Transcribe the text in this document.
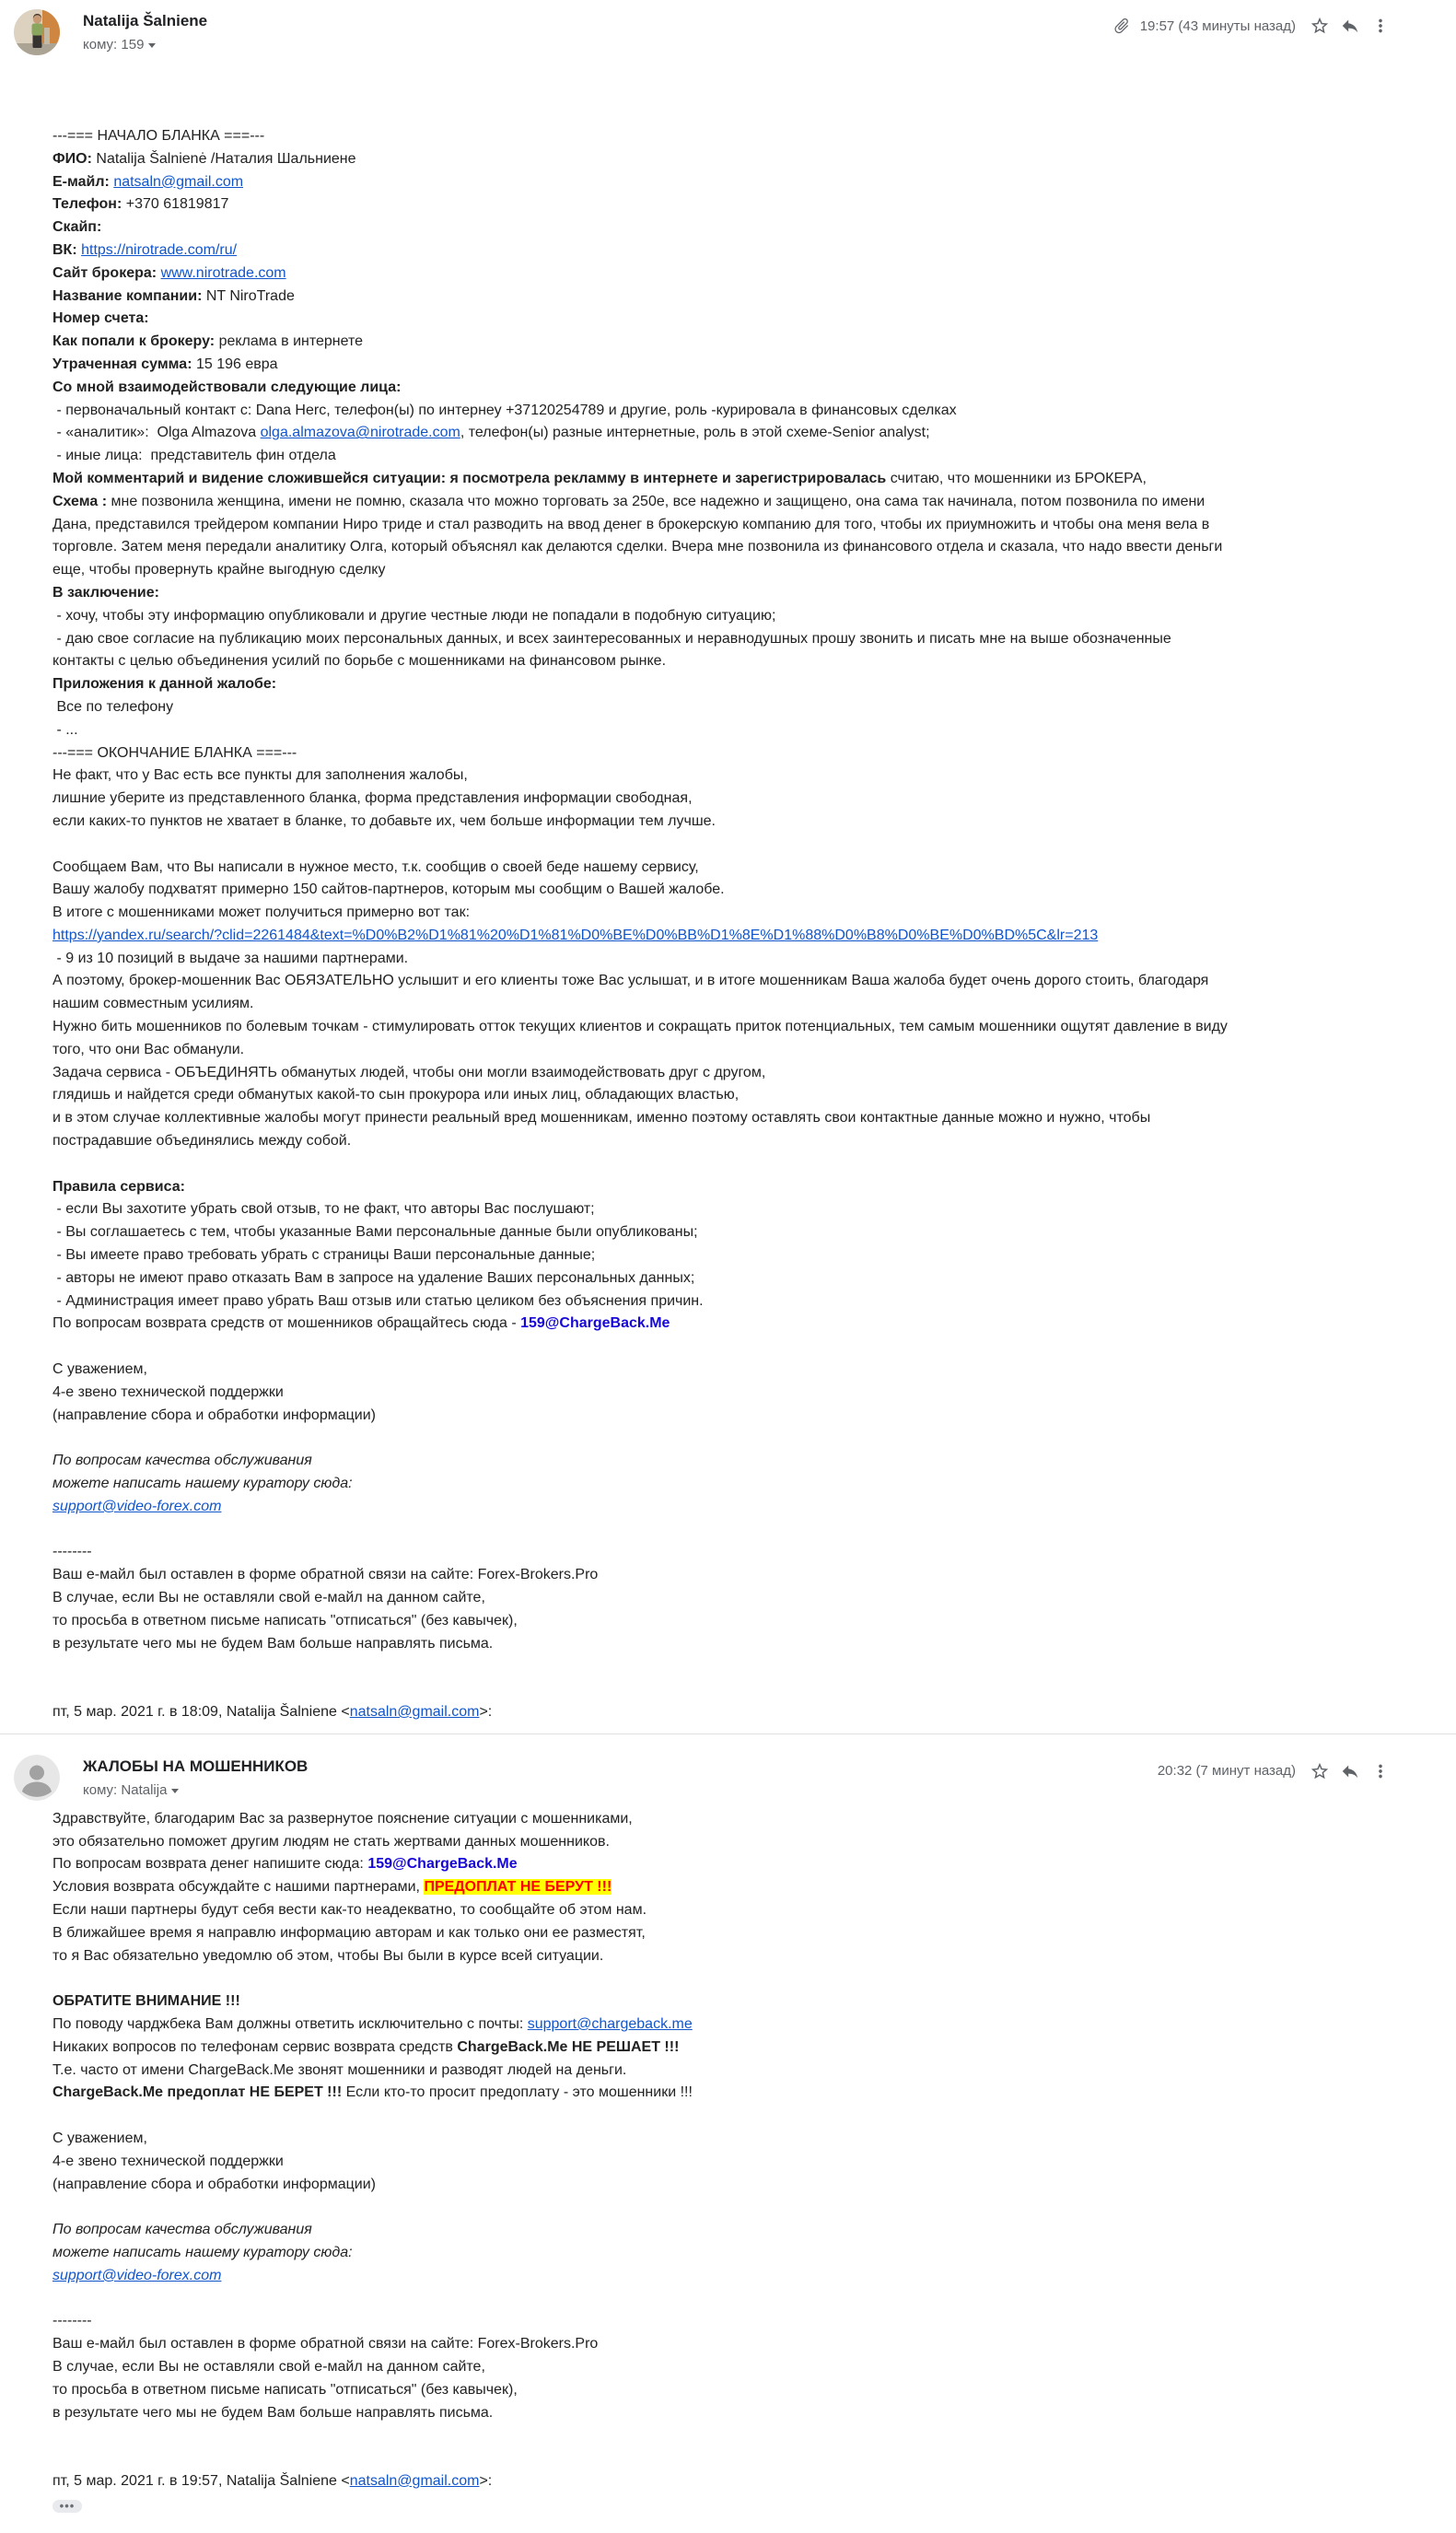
Natalija Šalniene
кому: 159
19:57 (43 минуты назад)
---=== НАЧАЛО БЛАНКА ===---
ФИО: Natalija Šalnienė /Наталия Шальниене
Е-майл: natsaln@gmail.com
Телефон: +370 61819817
Скайп:
ВК: https://nirotrade.com/ru/
Сайт брокера: www.nirotrade.com
Название компании: NT NiroTrade
Номер счета:
Как попали к брокеру: реклама в интернете
Утраченная сумма: 15 196 евра
Со мной взаимодействовали следующие лица:
- первоначальный контакт с: Dana Herc, телефон(ы) по интернеу +37120254789 и другие, роль -курировала в финансовых сделках
- «аналитик»:  Olga Almazova olga.almazova@nirotrade.com, телефон(ы) разные интернетные, роль в этой схеме-Senior analyst;
- иные лица:  представитель фин отдела
Мой комментарий и видение сложившейся ситуации: я посмотрела рекламму в интернете и зарегистрировалась считаю, что мошенники из БРОКЕРА,
Схема : мне позвонила женщина, имени не помню, сказала что можно торговать за 250е, все надежно и защищено, она сама так начинала, потом позвонила по имени
Дана, представился трейдером компании Ниро триде и стал разводить на ввод денег в брокерскую компанию для того, чтобы их приумножить и чтобы она меня вела в
торговле. Затем меня передали аналитику Олга, который объяснял как делаются сделки. Вчера мне позвонила из финансового отдела и сказала, что надо ввести деньги
еще, чтобы провернуть крайне выгодную сделку
В заключение:
- хочу, чтобы эту информацию опубликовали и другие честные люди не попадали в подобную ситуацию;
- даю свое согласие на публикацию моих персональных данных, и всех заинтересованных и неравнодушных прошу звонить и писать мне на выше обозначенные
контакты с целью объединения усилий по борьбе с мошенниками на финансовом рынке.
Приложения к данной жалобе:
Все по телефону
- ...
---=== ОКОНЧАНИЕ БЛАНКА ===---
Не факт, что у Вас есть все пункты для заполнения жалобы,
лишние уберите из представленного бланка, форма представления информации свободная,
если каких-то пунктов не хватает в бланке, то добавьте их, чем больше информации тем лучше.

Сообщаем Вам, что Вы написали в нужное место, т.к. сообщив о своей беде нашему сервису,
Вашу жалобу подхватят примерно 150 сайтов-партнеров, которым мы сообщим о Вашей жалобе.
В итоге с мошенниками может получиться примерно вот так:
https://yandex.ru/search/?clid=2261484&text=%D0%B2%D1%81%20%D1%81%D0%BE%D0%BB%D1%8E%D1%88%D0%B8%D0%BE%D0%BD%5C&lr=213
- 9 из 10 позиций в выдаче за нашими партнерами.
А поэтому, брокер-мошенник Вас ОБЯЗАТЕЛЬНО услышит и его клиенты тоже Вас услышат, и в итоге мошенникам Ваша жалоба будет очень дорого стоить, благодаря
нашим совместным усилиям.
Нужно бить мошенников по болевым точкам - стимулировать отток текущих клиентов и сокращать приток потенциальных, тем самым мошенники ощутят давление в виду
того, что они Вас обманули.
Задача сервиса - ОБЪЕДИНЯТЬ обманутых людей, чтобы они могли взаимодействовать друг с другом,
глядишь и найдется среди обманутых какой-то сын прокурора или иных лиц, обладающих властью,
и в этом случае коллективные жалобы могут принести реальный вред мошенникам, именно поэтому оставлять свои контактные данные можно и нужно, чтобы
пострадавшие объединялись между собой.

Правила сервиса:
- если Вы захотите убрать свой отзыв, то не факт, что авторы Вас послушают;
- Вы соглашаетесь с тем, чтобы указанные Вами персональные данные были опубликованы;
- Вы имеете право требовать убрать с страницы Ваши персональные данные;
- авторы не имеют право отказать Вам в запросе на удаление Ваших персональных данных;
- Администрация имеет право убрать Ваш отзыв или статью целиком без объяснения причин.
По вопросам возврата средств от мошенников обращайтесь сюда - 159@ChargeBack.Me

С уважением,
4-е звено технической поддержки
(направление сбора и обработки информации)

По вопросам качества обслуживания
можете написать нашему куратору сюда:
support@video-forex.com

--------
Ваш е-майл был оставлен в форме обратной связи на сайте: Forex-Brokers.Pro
В случае, если Вы не оставляли свой е-майл на данном сайте,
то просьба в ответном письме написать "отписаться" (без кавычек),
в результате чего мы не будем Вам больше направлять письма.

пт, 5 мар. 2021 г. в 18:09, Natalija Šalniene <natsaln@gmail.com>:
ЖАЛОБЫ НА МОШЕННИКОВ
кому: Natalija
20:32 (7 минут назад)
Здравствуйте, благодарим Вас за развернутое пояснение ситуации с мошенниками,
это обязательно поможет другим людям не стать жертвами данных мошенников.
По вопросам возврата денег напишите сюда: 159@ChargeBack.Me
Условия возврата обсуждайте с нашими партнерами, ПРЕДОПЛАТ НЕ БЕРУТ !!!
Если наши партнеры будут себя вести как-то неадекватно, то сообщайте об этом нам.
В ближайшее время я направлю информацию авторам и как только они ее разместят,
то я Вас обязательно уведомлю об этом, чтобы Вы были в курсе всей ситуации.

ОБРАТИТЕ ВНИМАНИЕ !!!
По поводу чарджбека Вам должны ответить исключительно с почты: support@chargeback.me
Никаких вопросов по телефонам сервис возврата средств ChargeBack.Me НЕ РЕШАЕТ !!!
Т.е. часто от имени ChargeBack.Me звонят мошенники и разводят людей на деньги.
ChargeBack.Me предоплат НЕ БЕРЕТ !!! Если кто-то просит предоплату - это мошенники !!!

С уважением,
4-е звено технической поддержки
(направление сбора и обработки информации)

По вопросам качества обслуживания
можете написать нашему куратору сюда:
support@video-forex.com

--------
Ваш е-майл был оставлен в форме обратной связи на сайте: Forex-Brokers.Pro
В случае, если Вы не оставляли свой е-майл на данном сайте,
то просьба в ответном письме написать "отписаться" (без кавычек),
в результате чего мы не будем Вам больше направлять письма.

пт, 5 мар. 2021 г. в 19:57, Natalija Šalniene <natsaln@gmail.com>:
•••
